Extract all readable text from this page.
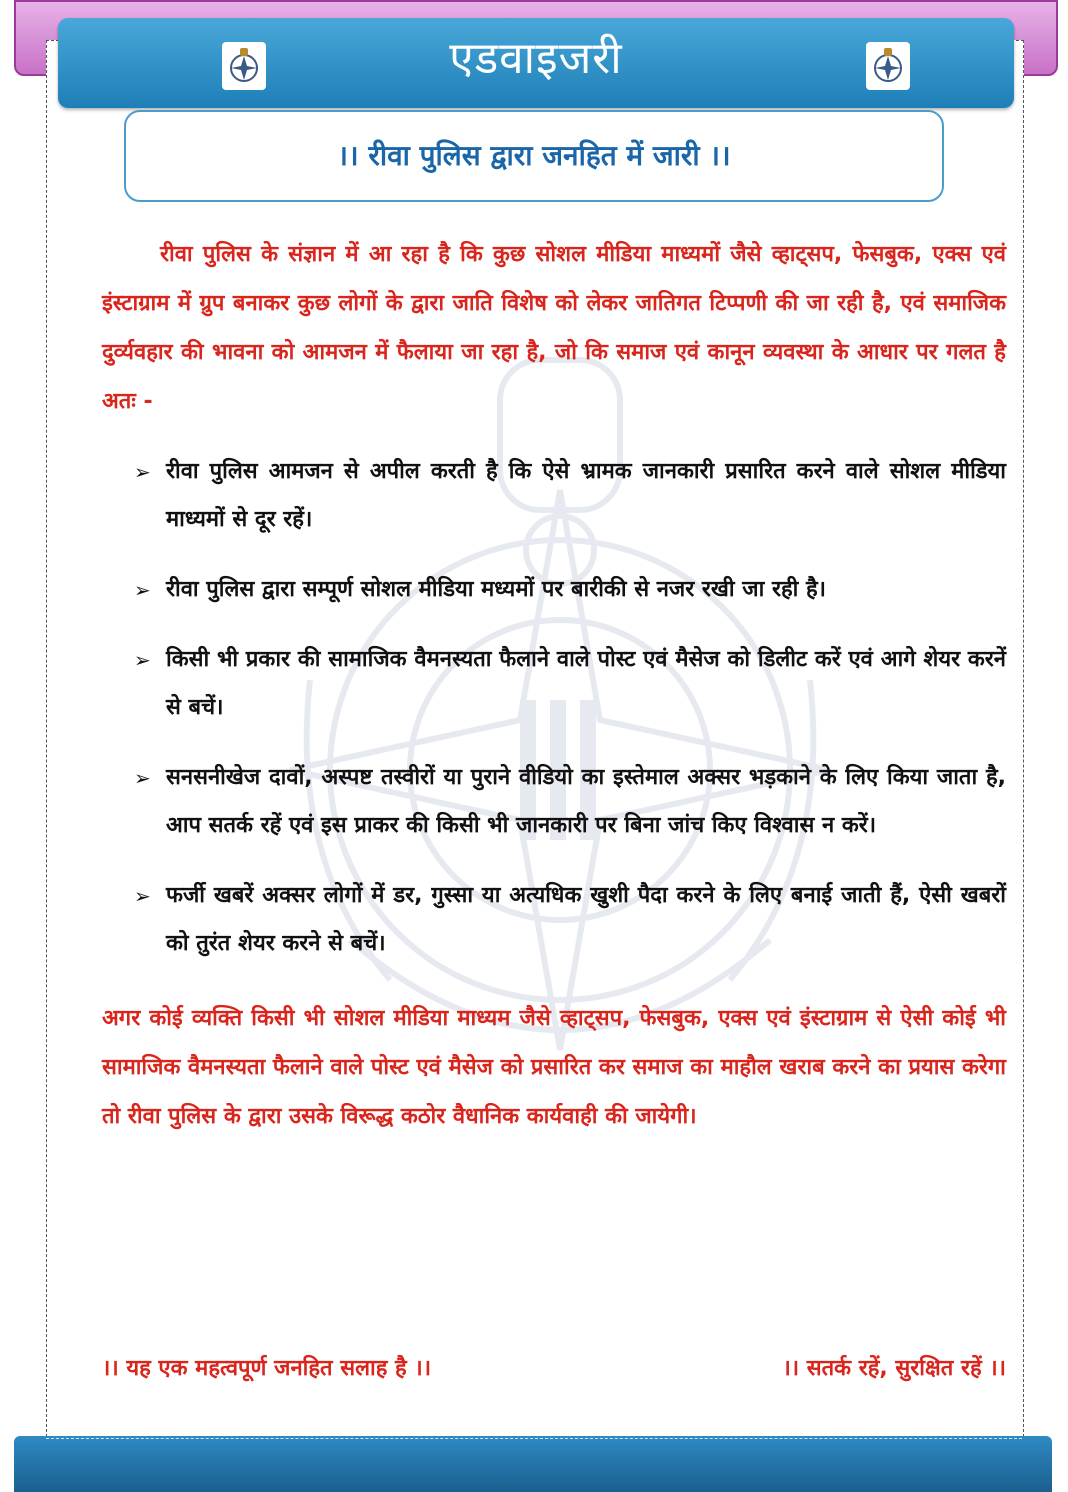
एडवाइजरी
।। रीवा पुलिस द्वारा जनहित में जारी ।।

रीवा पुलिस के संज्ञान में आ रहा है कि कुछ सोशल मीडिया माध्यमों जैसे व्हाट्सप, फेसबुक, एक्स एवं इंस्टाग्राम में ग्रुप बनाकर कुछ लोगों के द्वारा जाति विशेष को लेकर जातिगत टिप्पणी की जा रही है, एवं समाजिक दुर्व्यवहार की भावना को आमजन में फैलाया जा रहा है, जो कि समाज एवं कानून व्यवस्था के आधार पर गलत है अतः -

➢ रीवा पुलिस आमजन से अपील करती है कि ऐसे भ्रामक जानकारी प्रसारित करने वाले सोशल मीडिया माध्यमों से दूर रहें।
➢ रीवा पुलिस द्वारा सम्पूर्ण सोशल मीडिया मध्यमों पर बारीकी से नजर रखी जा रही है।
➢ किसी भी प्रकार की सामाजिक वैमनस्यता फैलाने वाले पोस्ट एवं मैसेज को डिलीट करें एवं आगे शेयर करनें से बचें।
➢ सनसनीखेज दावों, अस्पष्ट तस्वीरों या पुराने वीडियो का इस्तेमाल अक्सर भड़काने के लिए किया जाता है, आप सतर्क रहें एवं इस प्राकर की किसी भी जानकारी पर बिना जांच किए विश्वास न करें।
➢ फर्जी खबरें अक्सर लोगों में डर, गुस्सा या अत्यधिक खुशी पैदा करने के लिए बनाई जाती हैं, ऐसी खबरों को तुरंत शेयर करने से बचें।

अगर कोई व्यक्ति किसी भी सोशल मीडिया माध्यम जैसे व्हाट्सप, फेसबुक, एक्स एवं इंस्टाग्राम से ऐसी कोई भी सामाजिक वैमनस्यता फैलाने वाले पोस्ट एवं मैसेज को प्रसारित कर समाज का माहौल खराब करने का प्रयास करेगा तो रीवा पुलिस के द्वारा उसके विरूद्ध कठोर वैधानिक कार्यवाही की जायेगी।

।। यह एक महत्वपूर्ण जनहित सलाह है ।।	।। सतर्क रहें, सुरक्षित रहें ।।
